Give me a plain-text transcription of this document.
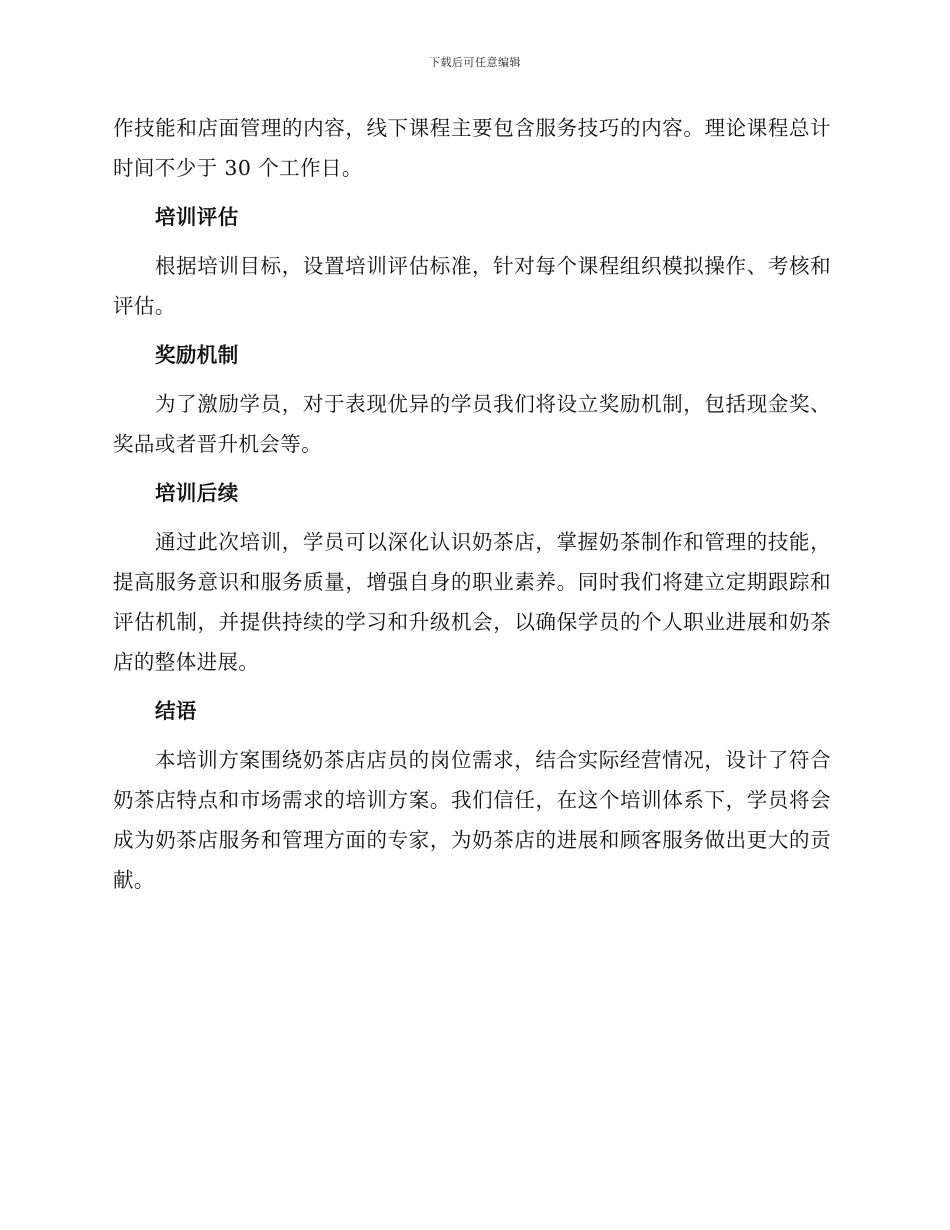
下载后可任意编辑

作技能和店面管理的内容，线下课程主要包含服务技巧的内容。理论课程总计时间不少于 30 个工作日。

培训评估

根据培训目标，设置培训评估标准，针对每个课程组织模拟操作、考核和评估。

奖励机制

为了激励学员，对于表现优异的学员我们将设立奖励机制，包括现金奖、奖品或者晋升机会等。

培训后续

通过此次培训，学员可以深化认识奶茶店，掌握奶茶制作和管理的技能，提高服务意识和服务质量，增强自身的职业素养。同时我们将建立定期跟踪和评估机制，并提供持续的学习和升级机会，以确保学员的个人职业进展和奶茶店的整体进展。

结语

本培训方案围绕奶茶店店员的岗位需求，结合实际经营情况，设计了符合奶茶店特点和市场需求的培训方案。我们信任，在这个培训体系下，学员将会成为奶茶店服务和管理方面的专家，为奶茶店的进展和顾客服务做出更大的贡献。
